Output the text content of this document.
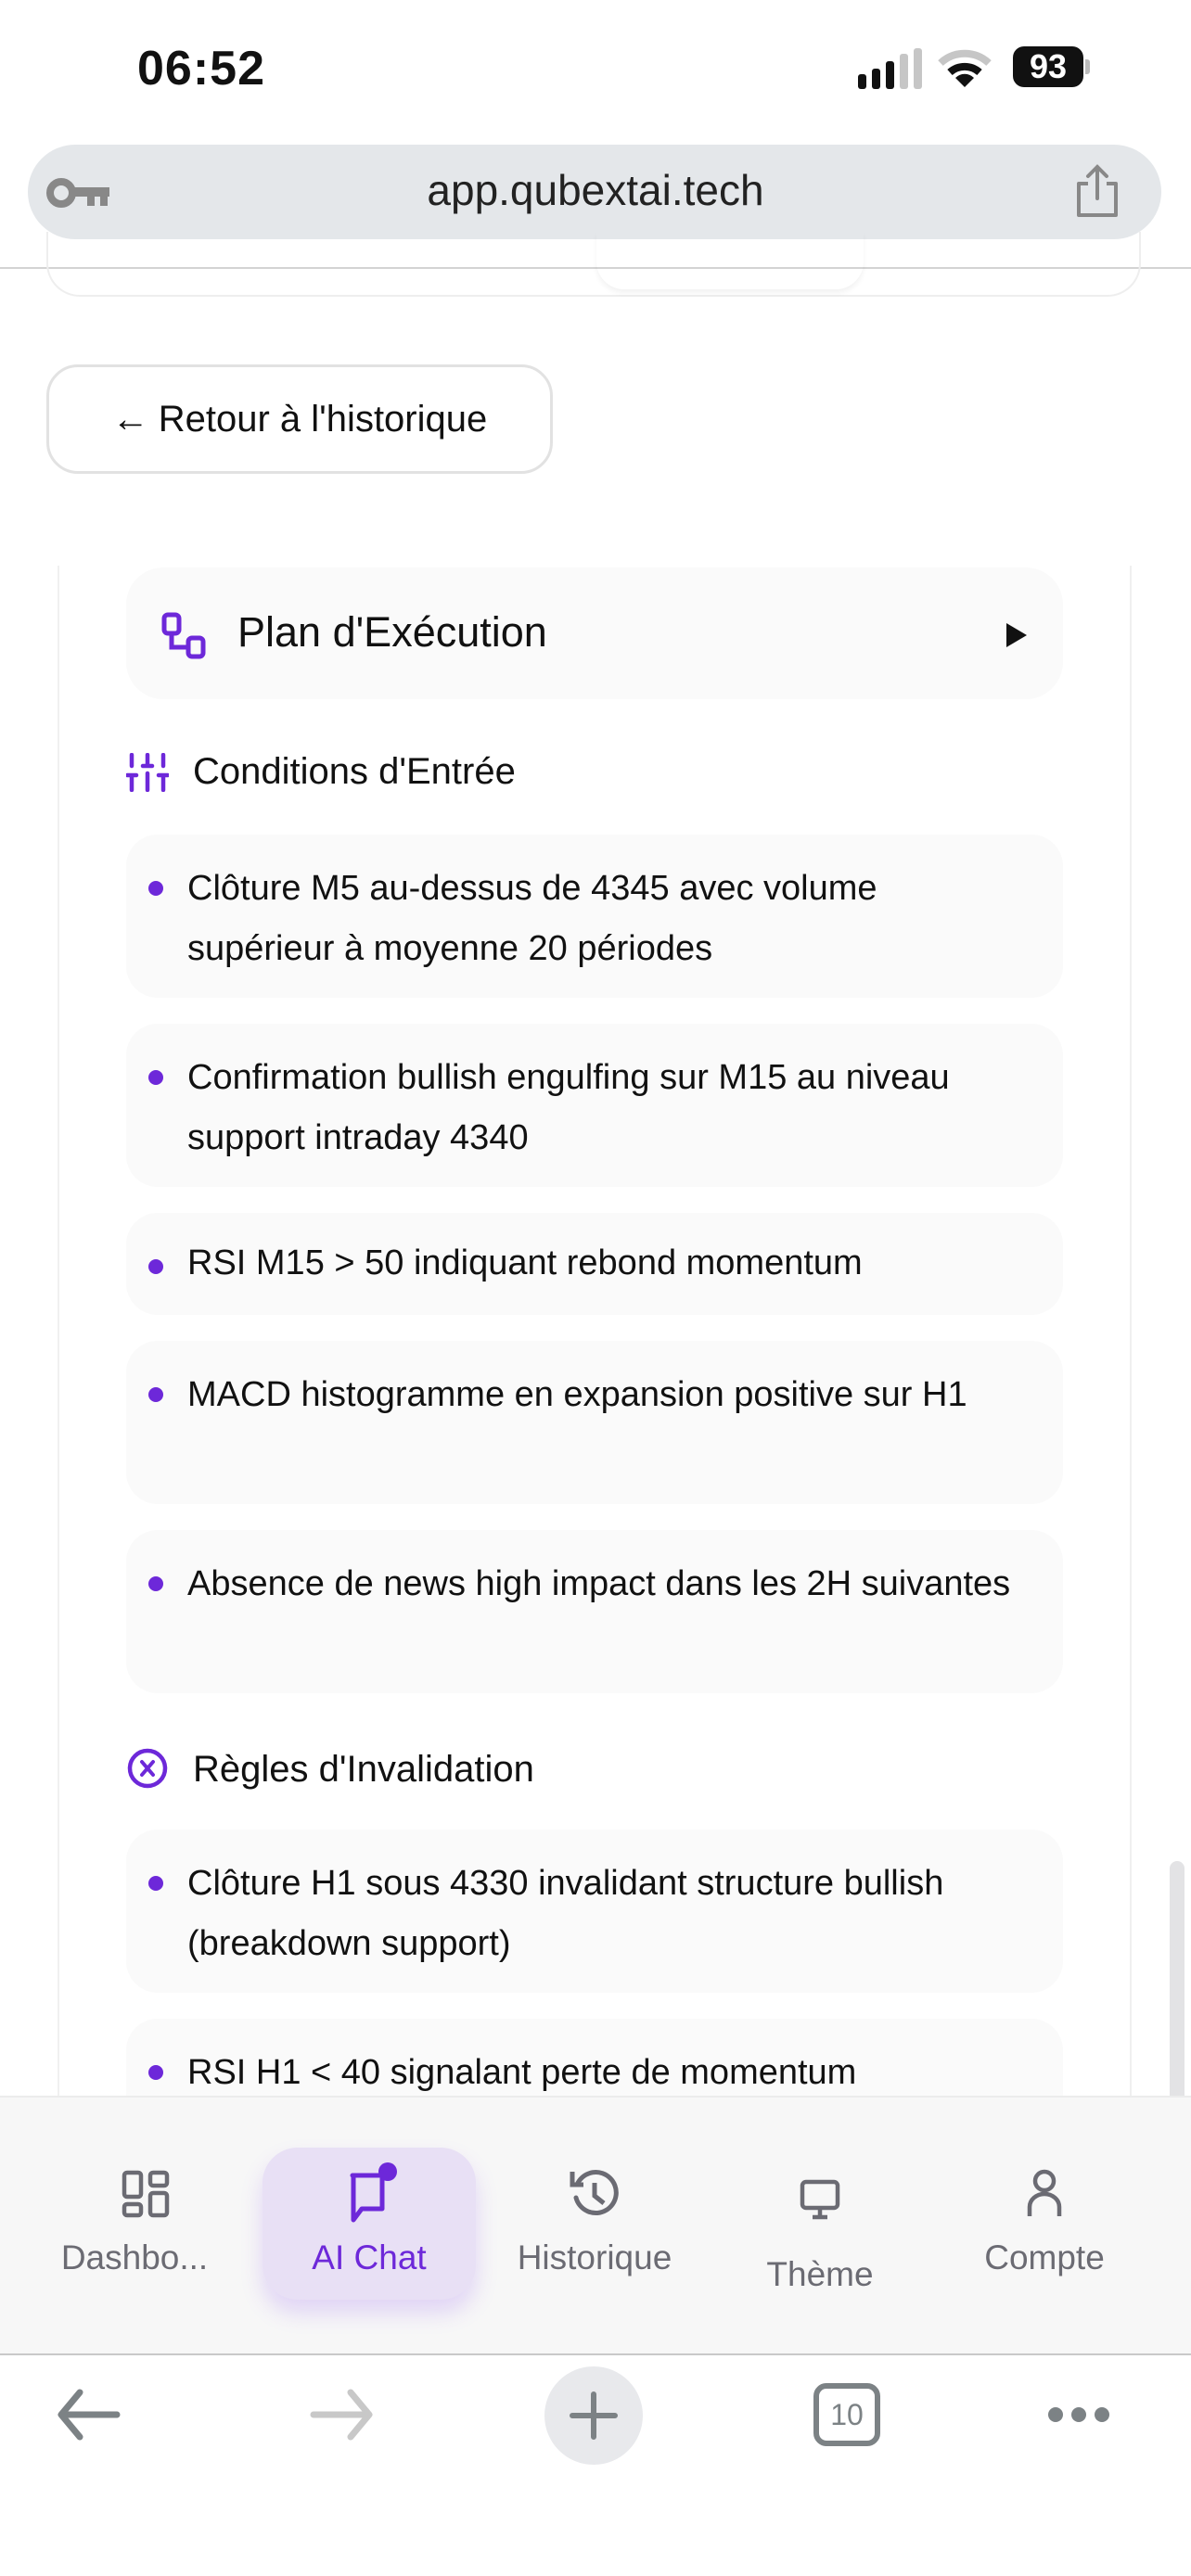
06:52	93
app.qubextai.tech
← Retour à l'historique
Plan d'Exécution
Conditions d'Entrée
Clôture M5 au-dessus de 4345 avec volume supérieur à moyenne 20 périodes
Confirmation bullish engulfing sur M15 au niveau support intraday 4340
RSI M15 > 50 indiquant rebond momentum
MACD histogramme en expansion positive sur H1
Absence de news high impact dans les 2H suivantes
Règles d'Invalidation
Clôture H1 sous 4330 invalidant structure bullish (breakdown support)
RSI H1 < 40 signalant perte de momentum
Dashbo...	AI Chat	Historique	Thème	Compte
10
